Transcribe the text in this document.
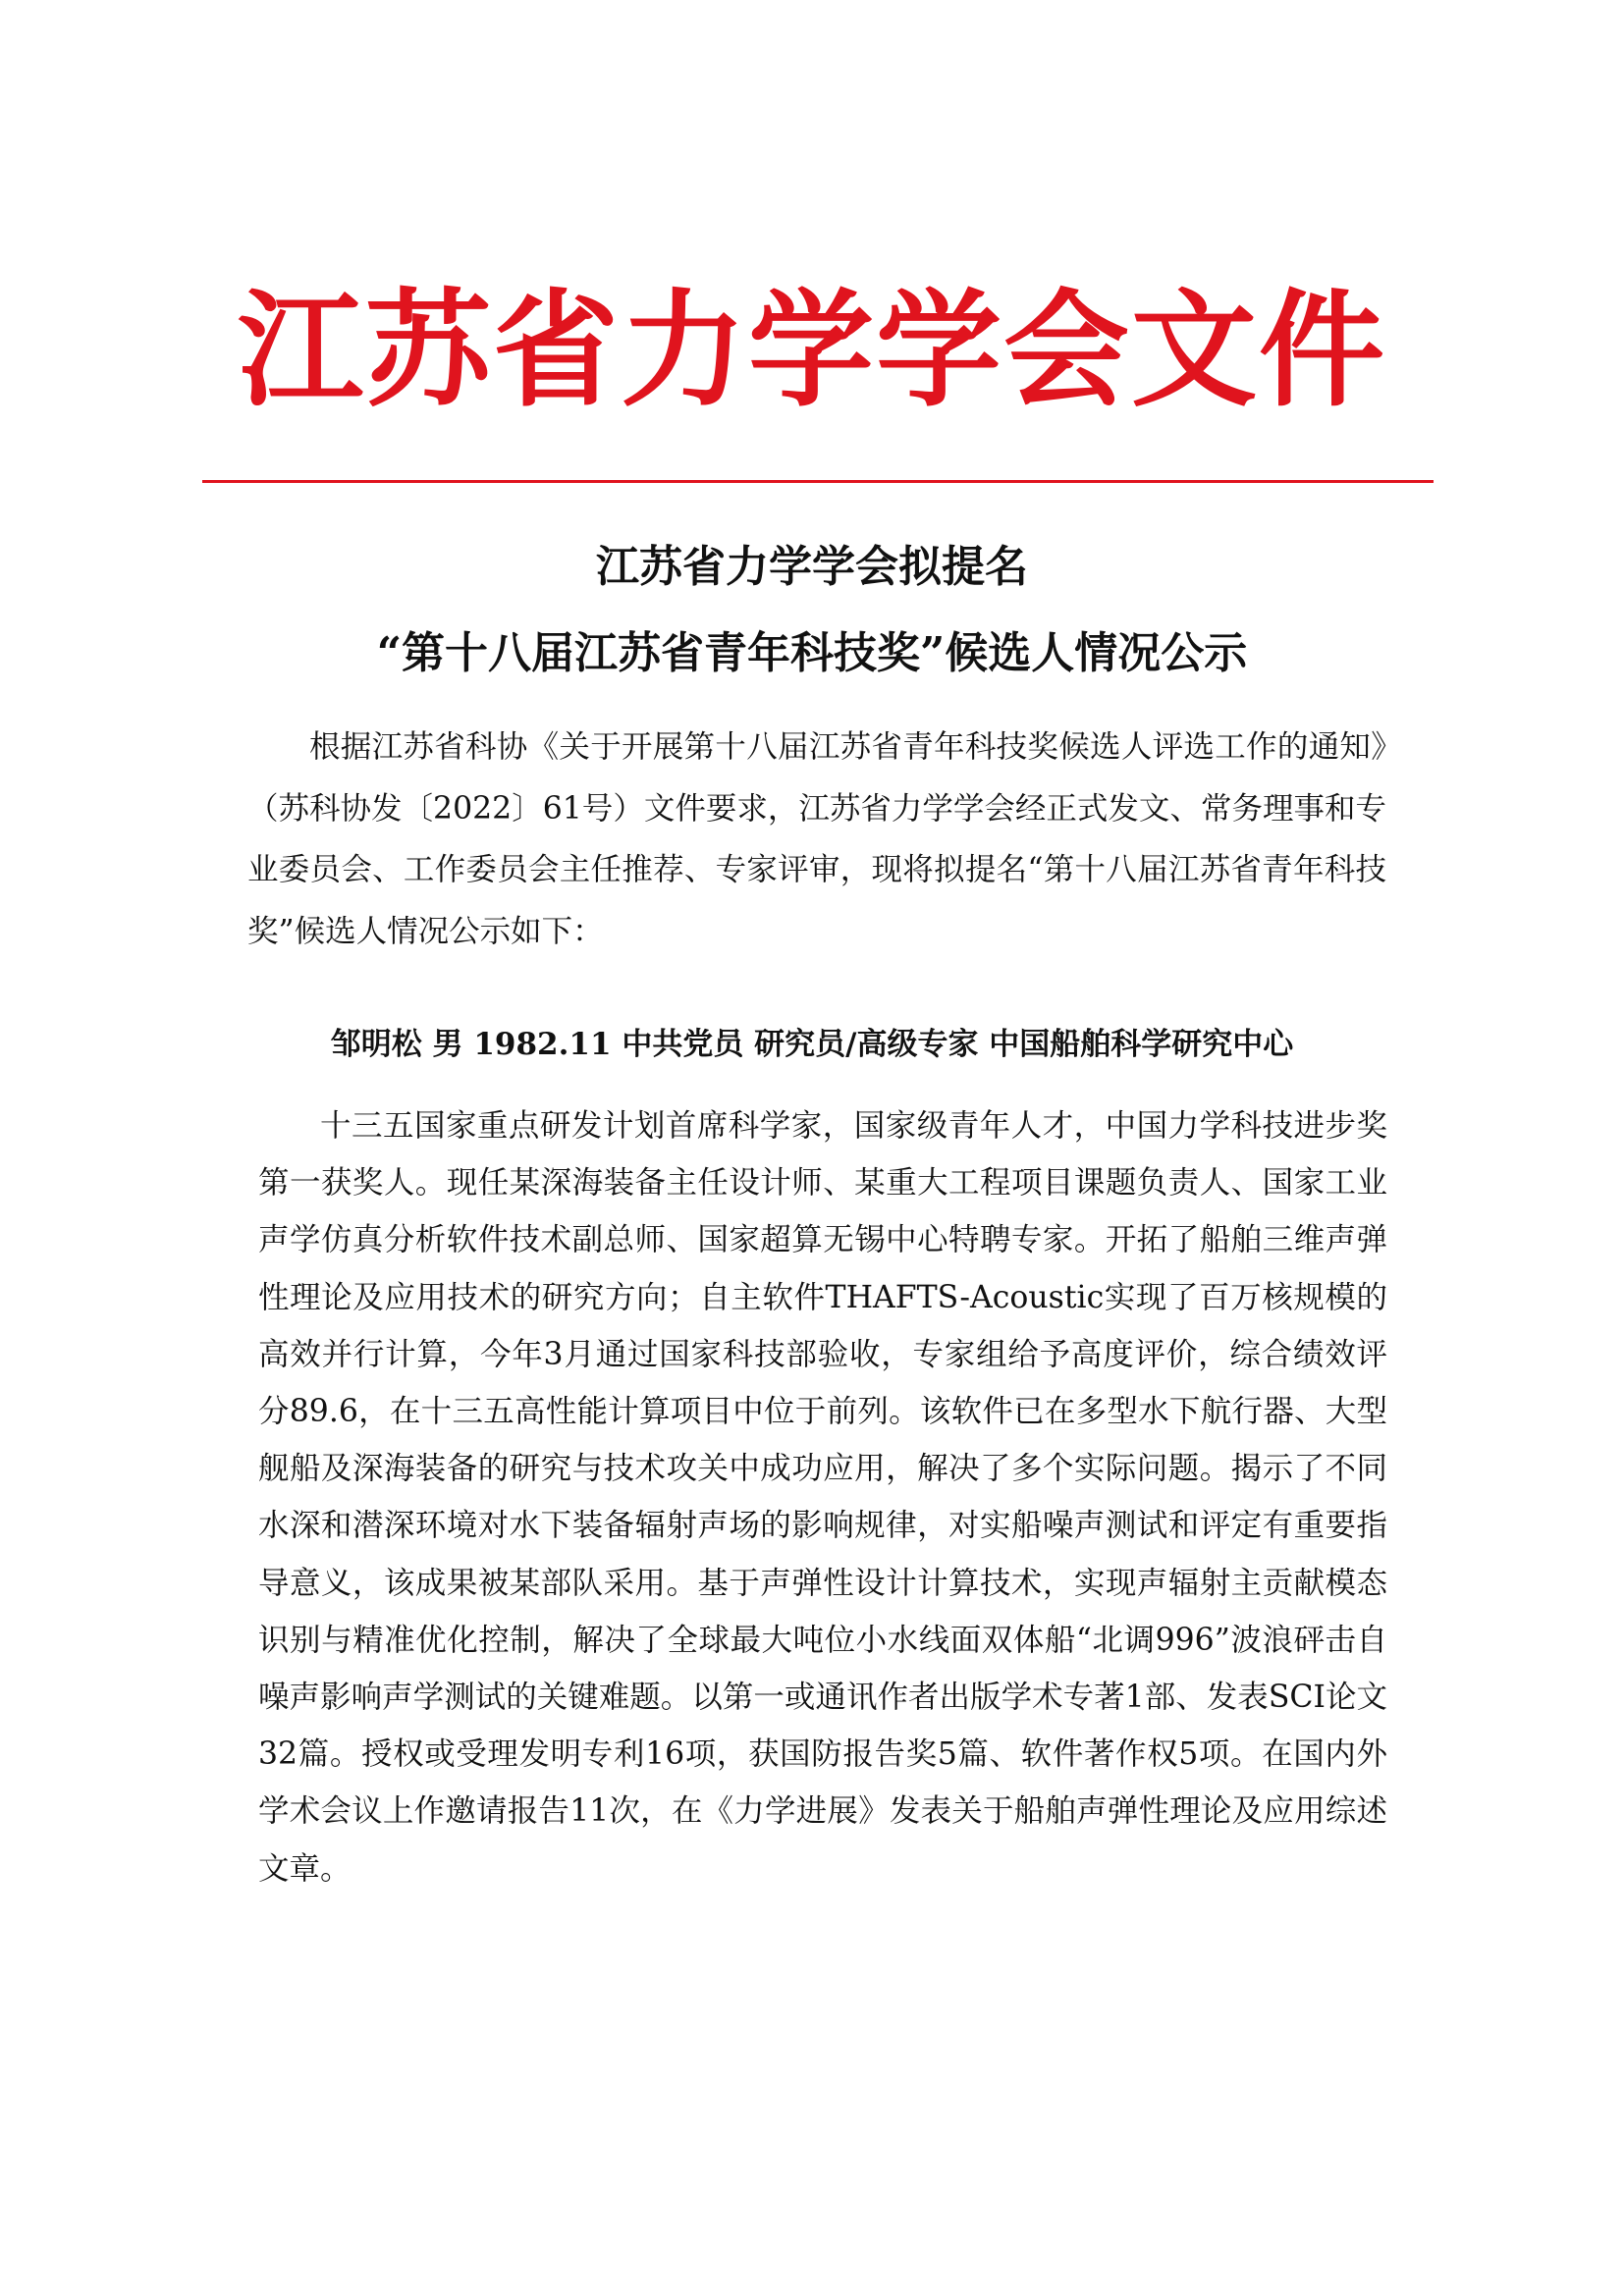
江苏省力学学会文件
江苏省力学学会拟提名
“第十八届江苏省青年科技奖”候选人情况公示

根据江苏省科协《关于开展第十八届江苏省青年科技奖候选人评选工作的通知》（苏科协发〔2022〕61号）文件要求，江苏省力学学会经正式发文、常务理事和专业委员会、工作委员会主任推荐、专家评审，现将拟提名“第十八届江苏省青年科技奖”候选人情况公示如下：

邹明松 男 1982.11 中共党员 研究员/高级专家 中国船舶科学研究中心

十三五国家重点研发计划首席科学家，国家级青年人才，中国力学科技进步奖第一获奖人。现任某深海装备主任设计师、某重大工程项目课题负责人、国家工业声学仿真分析软件技术副总师、国家超算无锡中心特聘专家。开拓了船舶三维声弹性理论及应用技术的研究方向；自主软件THAFTS-Acoustic实现了百万核规模的高效并行计算，今年3月通过国家科技部验收，专家组给予高度评价，综合绩效评分89.6，在十三五高性能计算项目中位于前列。该软件已在多型水下航行器、大型舰船及深海装备的研究与技术攻关中成功应用，解决了多个实际问题。揭示了不同水深和潜深环境对水下装备辐射声场的影响规律，对实船噪声测试和评定有重要指导意义，该成果被某部队采用。基于声弹性设计计算技术，实现声辐射主贡献模态识别与精准优化控制，解决了全球最大吨位小水线面双体船“北调996”波浪砰击自噪声影响声学测试的关键难题。以第一或通讯作者出版学术专著1部、发表SCI论文32篇。授权或受理发明专利16项，获国防报告奖5篇、软件著作权5项。在国内外学术会议上作邀请报告11次，在《力学进展》发表关于船舶声弹性理论及应用综述文章。
